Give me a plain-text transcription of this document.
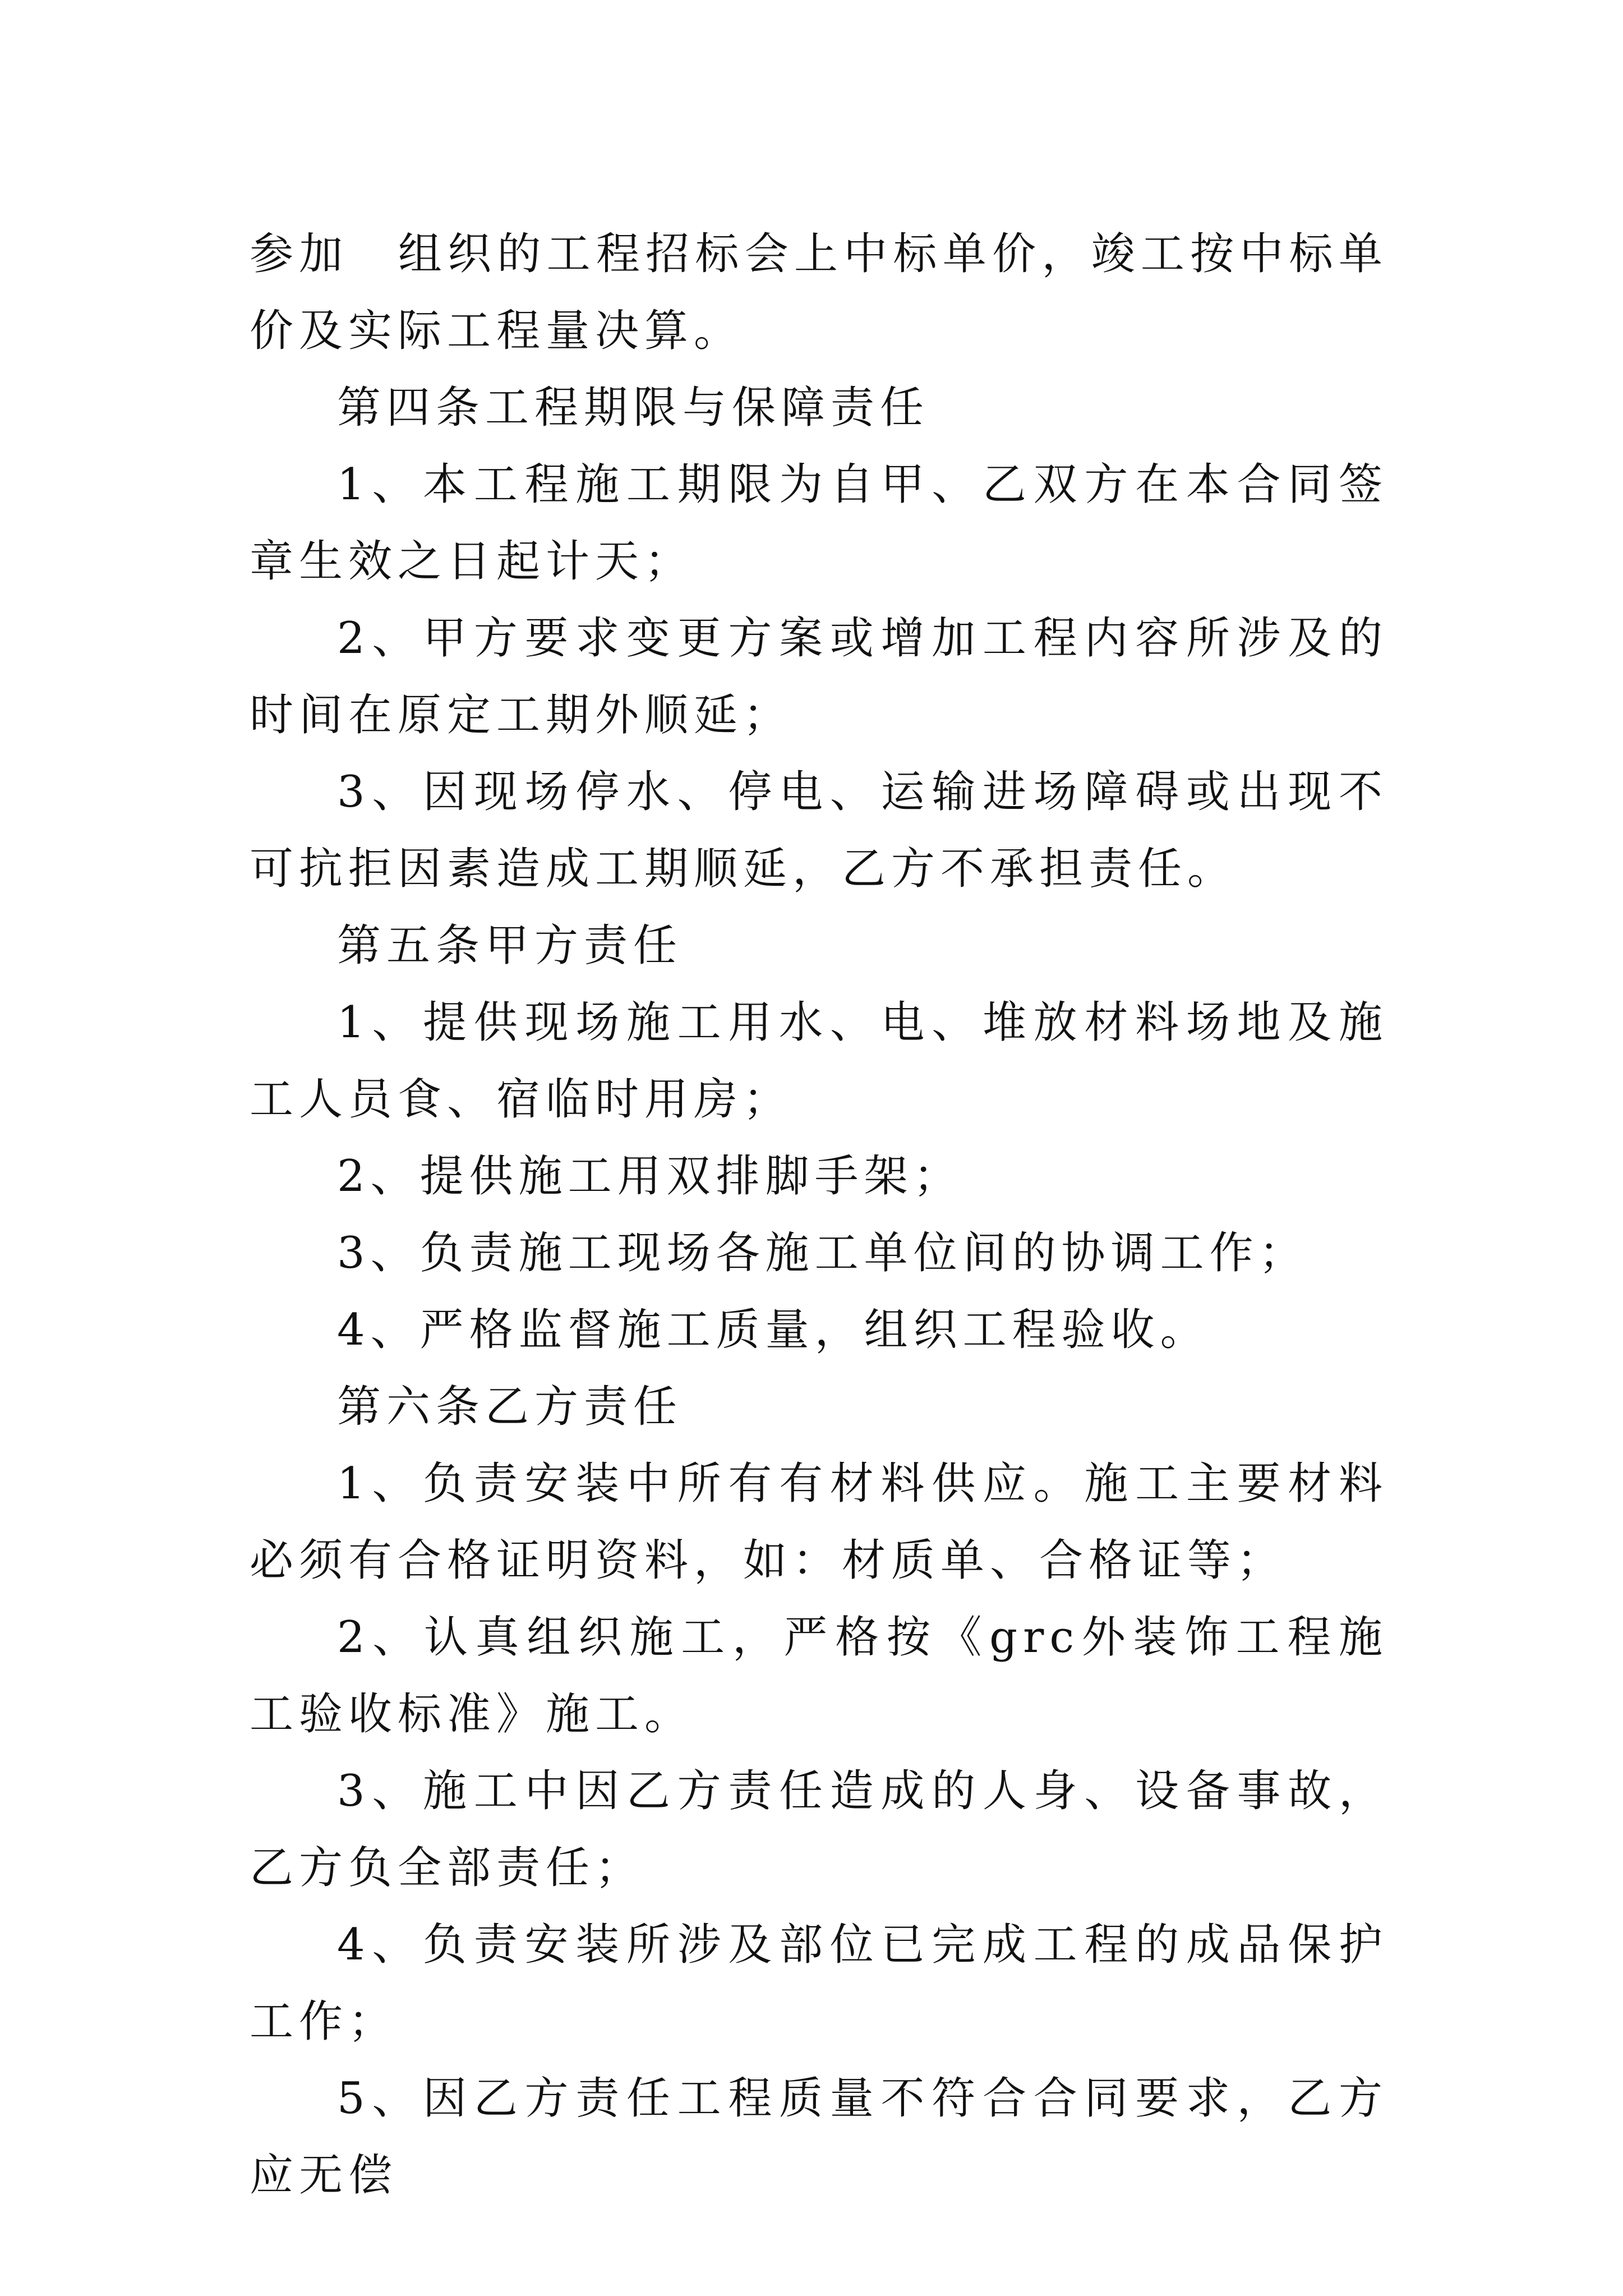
参加　组织的工程招标会上中标单价，竣工按中标单价及实际工程量决算。

第四条工程期限与保障责任

1、本工程施工期限为自甲、乙双方在本合同签章生效之日起计天；

2、甲方要求变更方案或增加工程内容所涉及的时间在原定工期外顺延；

3、因现场停水、停电、运输进场障碍或出现不可抗拒因素造成工期顺延，乙方不承担责任。

第五条甲方责任

1、提供现场施工用水、电、堆放材料场地及施工人员食、宿临时用房；

2、提供施工用双排脚手架；

3、负责施工现场各施工单位间的协调工作；

4、严格监督施工质量，组织工程验收。

第六条乙方责任

1、负责安装中所有有材料供应。施工主要材料必须有合格证明资料，如：材质单、合格证等；

2、认真组织施工，严格按《grc外装饰工程施工验收标准》施工。

3、施工中因乙方责任造成的人身、设备事故，乙方负全部责任；

4、负责安装所涉及部位已完成工程的成品保护工作；

5、因乙方责任工程质量不符合合同要求，乙方应无偿
